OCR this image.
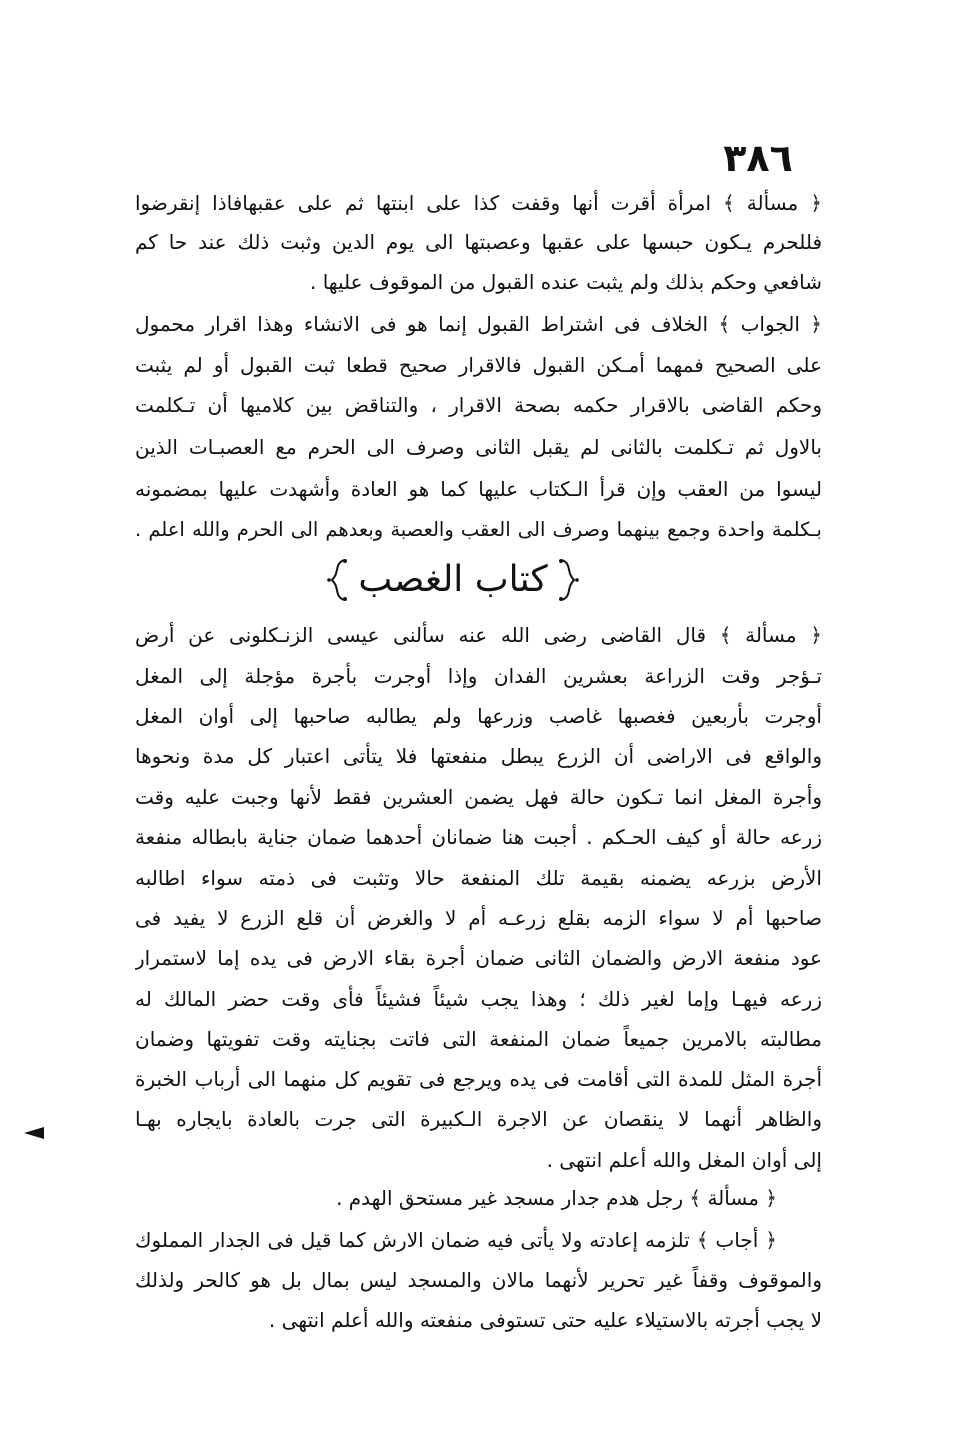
٣٨٦
﴿ مسألة ﴾ امرأة أقرت أنها وقفت كذا على ابنتها ثم على عقبهافاذا إنقرضوا
فللحرم يـكون حبسها على عقبها وعصبتها الى يوم الدين وثبت ذلك عند حا كم
شافعي وحكم بذلك ولم يثبت عنده القبول من الموقوف عليها .
﴿ الجواب ﴾ الخلاف فى اشتراط القبول إنما هو فى الانشاء وهذا اقرار محمول
على الصحيح فمهما أمـكن القبول فالاقرار صحيح قطعا ثبت القبول أو لم يثبت
وحكم القاضى بالاقرار حكمه بصحة الاقرار ، والتناقض بين كلاميها أن تـكلمت
بالاول ثم تـكلمت بالثانى لم يقبل الثانى وصرف الى الحرم مع العصبـات الذين
ليسوا من العقب وإن قرأ الـكتاب عليها كما هو العادة وأشهدت عليها بمضمونه
بـكلمة واحدة وجمع بينهما وصرف الى العقب والعصبة وبعدهم الى الحرم والله اعلم .
كتاب الغصب
﴿ مسألة ﴾ قال القاضى رضى الله عنه سألنى عيسى الزنـكلونى عن أرض
تـؤجر وقت الزراعة بعشرين الفدان وإذا أوجرت بأجرة مؤجلة إلى المغل
أوجرت بأربعين فغصبها غاصب وزرعها ولم يطالبه صاحبها إلى أوان المغل
والواقع فى الاراضى أن الزرع يبطل منفعتها فلا يتأتى اعتبار كل مدة ونحوها
وأجرة المغل انما تـكون حالة فهل يضمن العشرين فقط لأنها وجبت عليه وقت
زرعه حالة أو كيف الحـكم . أجبت هنا ضمانان أحدهما ضمان جناية بابطاله منفعة
الأرض بزرعه يضمنه بقيمة تلك المنفعة حالا وتثبت فى ذمته سواء اطالبه
صاحبها أم لا سواء الزمه بقلع زرعـه أم لا والغرض أن قلع الزرع لا يفيد فى
عود منفعة الارض والضمان الثانى ضمان أجرة بقاء الارض فى يده إما لاستمرار
زرعه فيهـا وإما لغير ذلك ؛ وهذا يجب شيئاً فشيئاً فأى وقت حضر المالك له
مطالبته بالامرين جميعاً ضمان المنفعة التى فاتت بجنايته وقت تفويتها وضمان
أجرة المثل للمدة التى أقامت فى يده ويرجع فى تقويم كل منهما الى أرباب الخبرة
والظاهر أنهما لا ينقصان عن الاجرة الـكبيرة التى جرت بالعادة بايجاره بهـا
إلى أوان المغل والله أعلم انتهى .
﴿ مسألة ﴾ رجل هدم جدار مسجد غير مستحق الهدم .
﴿ أجاب ﴾ تلزمه إعادته ولا يأتى فيه ضمان الارش كما قيل فى الجدار المملوك
والموقوف وقفاً غير تحرير لأنهما مالان والمسجد ليس بمال بل هو كالحر ولذلك
لا يجب أجرته بالاستيلاء عليه حتى تستوفى منفعته والله أعلم انتهى .
